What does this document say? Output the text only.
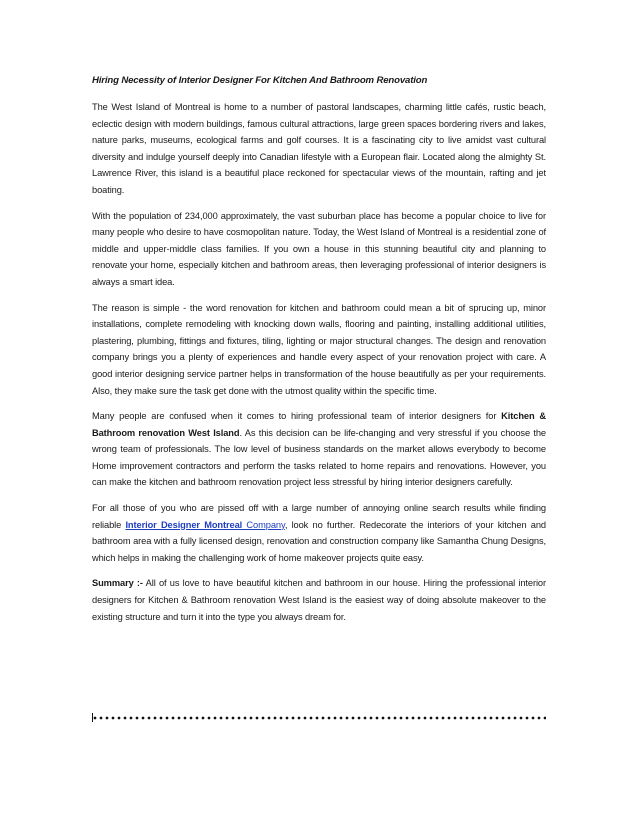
Hiring Necessity of Interior Designer For Kitchen And Bathroom Renovation

The West Island of Montreal is home to a number of pastoral landscapes, charming little cafés, rustic beach, eclectic design with modern buildings, famous cultural attractions, large green spaces bordering rivers and lakes, nature parks, museums, ecological farms and golf courses. It is a fascinating city to live amidst vast cultural diversity and indulge yourself deeply into Canadian lifestyle with a European flair. Located along the almighty St. Lawrence River, this island is a beautiful place reckoned for spectacular views of the mountain, rafting and jet boating.

With the population of 234,000 approximately, the vast suburban place has become a popular choice to live for many people who desire to have cosmopolitan nature. Today, the West Island of Montreal is a residential zone of middle and upper-middle class families. If you own a house in this stunning beautiful city and planning to renovate your home, especially kitchen and bathroom areas, then leveraging professional of interior designers is always a smart idea.

The reason is simple - the word renovation for kitchen and bathroom could mean a bit of sprucing up, minor installations, complete remodeling with knocking down walls, flooring and painting, installing additional utilities, plastering, plumbing, fittings and fixtures, tiling, lighting or major structural changes. The design and renovation company brings you a plenty of experiences and handle every aspect of your renovation project with care. A good interior designing service partner helps in transformation of the house beautifully as per your requirements. Also, they make sure the task get done with the utmost quality within the specific time.

Many people are confused when it comes to hiring professional team of interior designers for Kitchen & Bathroom renovation West Island. As this decision can be life-changing and very stressful if you choose the wrong team of professionals. The low level of business standards on the market allows everybody to become Home improvement contractors and perform the tasks related to home repairs and renovations. However, you can make the kitchen and bathroom renovation project less stressful by hiring interior designers carefully.

For all those of you who are pissed off with a large number of annoying online search results while finding reliable Interior Designer Montreal Company, look no further. Redecorate the interiors of your kitchen and bathroom area with a fully licensed design, renovation and construction company like Samantha Chung Designs, which helps in making the challenging work of home makeover projects quite easy.

Summary :- All of us love to have beautiful kitchen and bathroom in our house. Hiring the professional interior designers for Kitchen & Bathroom renovation West Island is the easiest way of doing absolute makeover to the existing structure and turn it into the type you always dream for.
